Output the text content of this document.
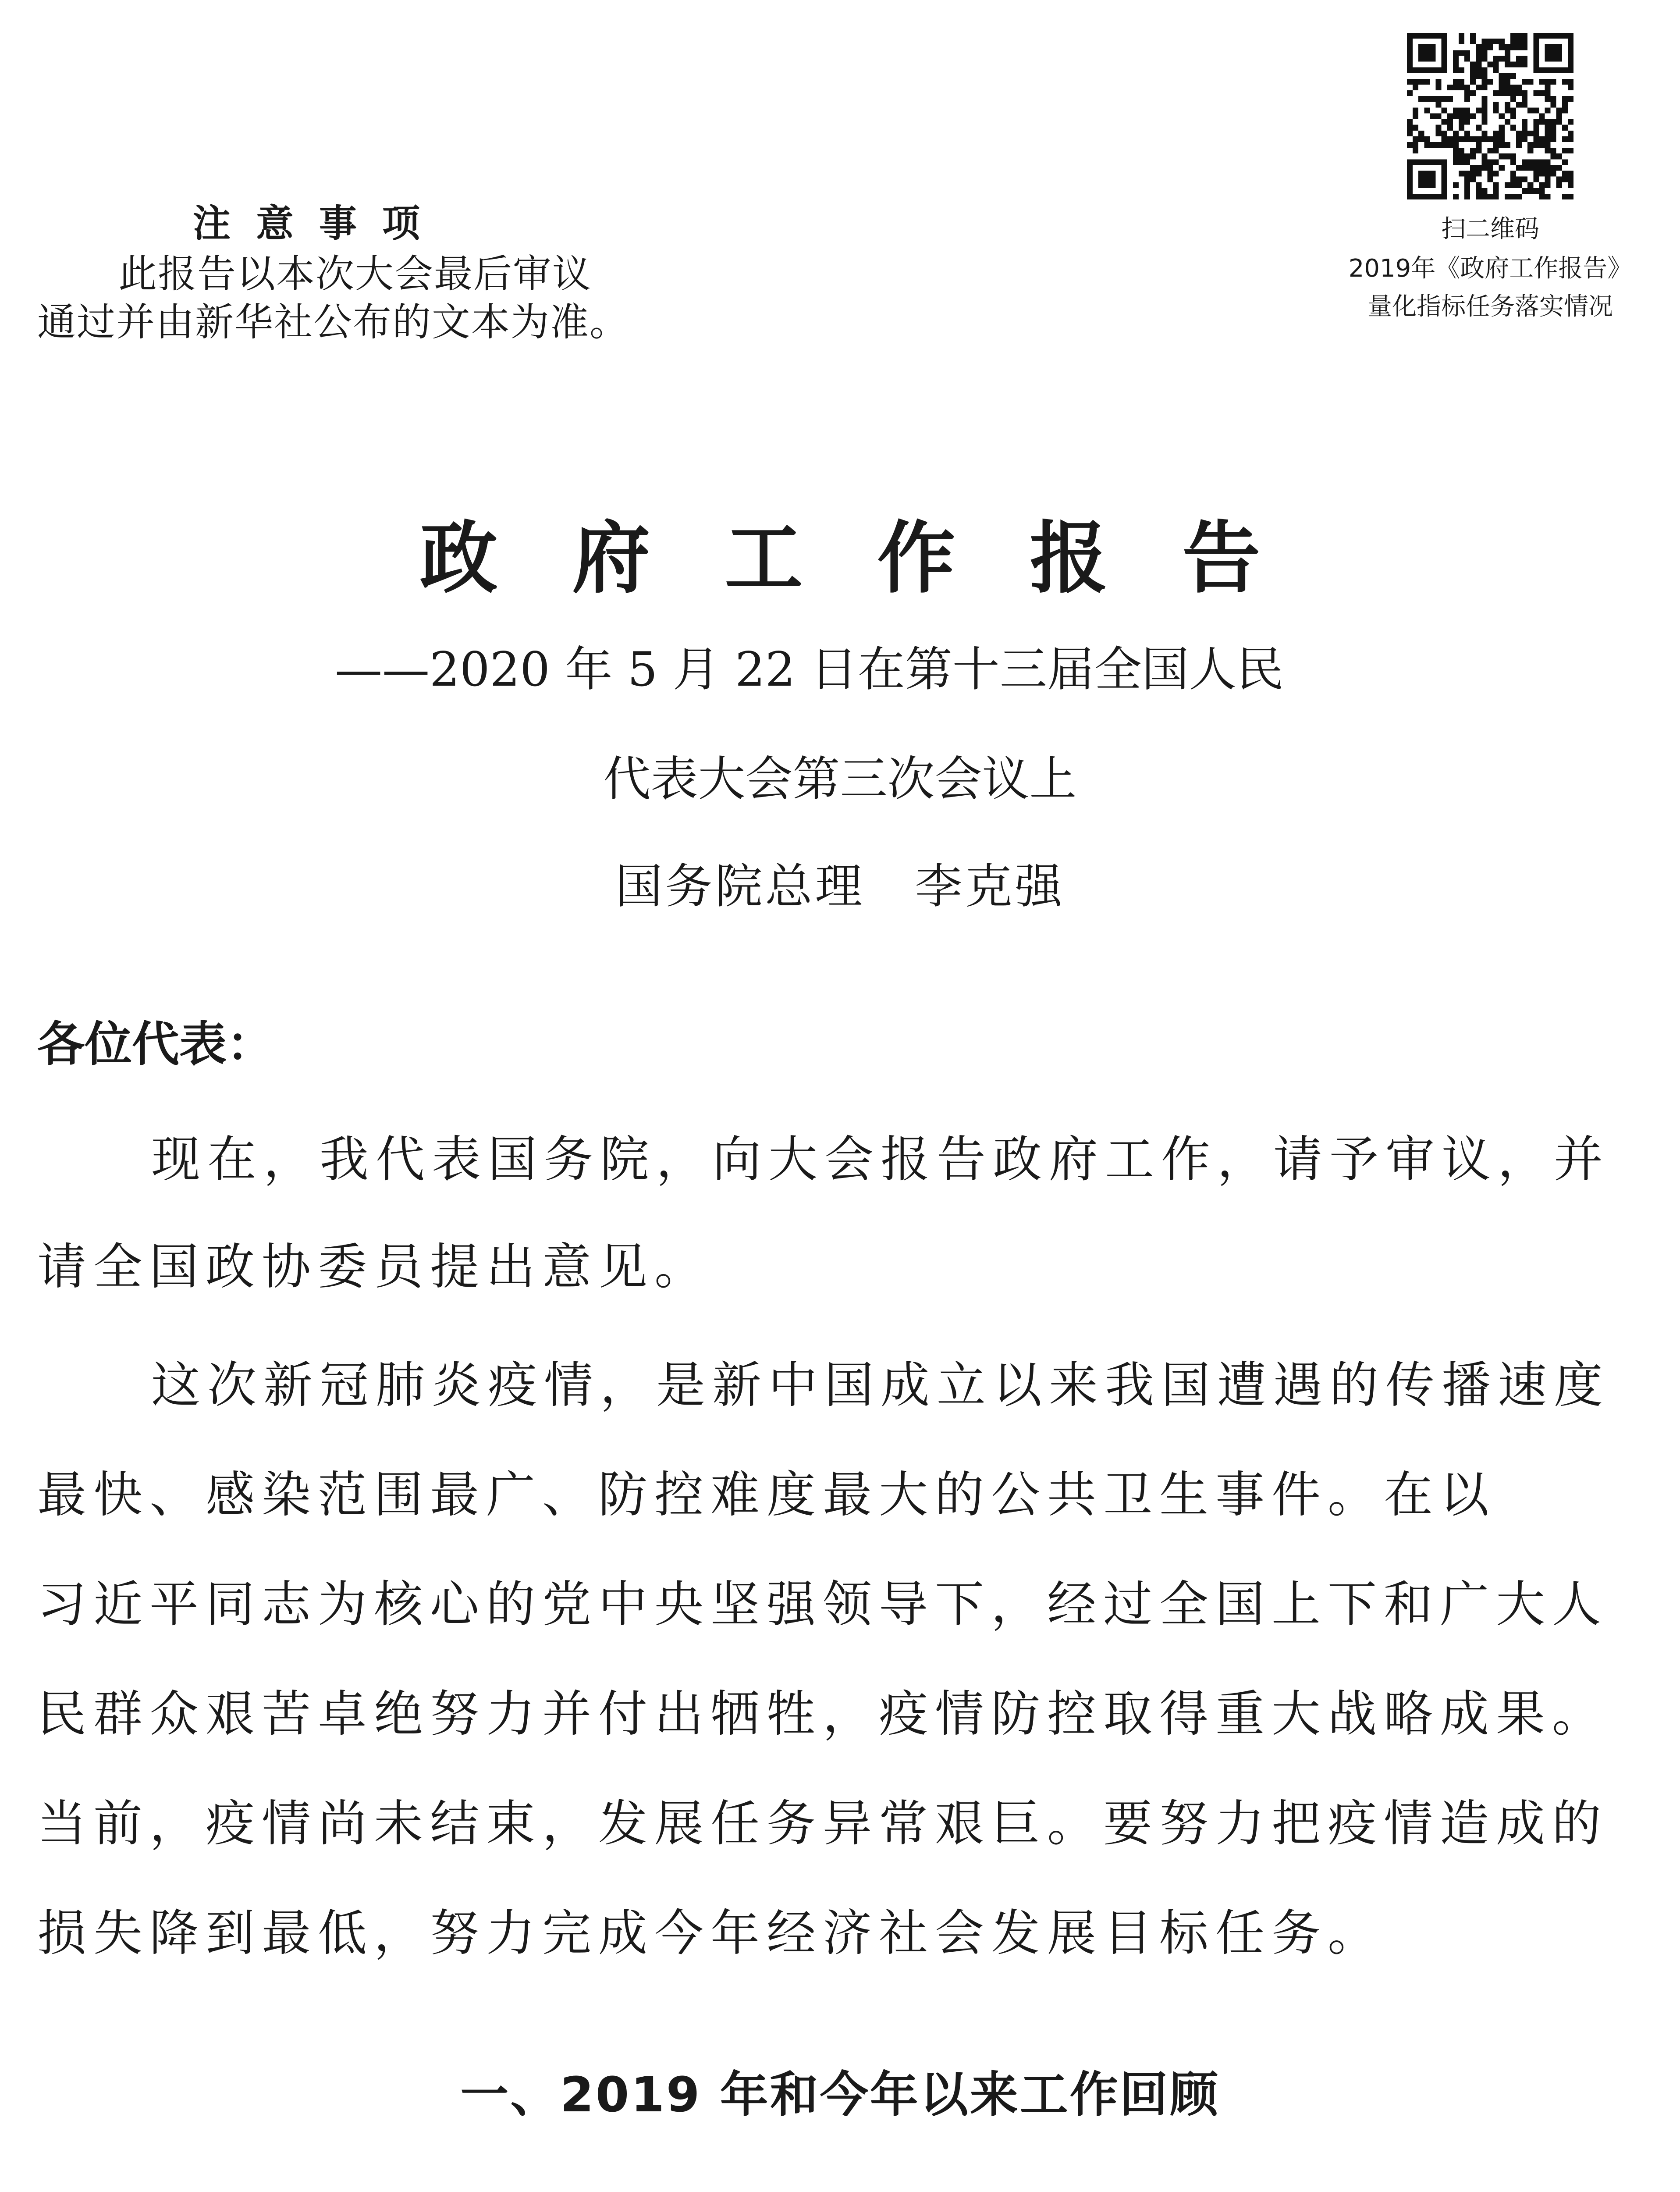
注意事项
此报告以本次大会最后审议
通过并由新华社公布的文本为准。
扫二维码
2019年《政府工作报告》
量化指标任务落实情况
政府工作报告
——2020 年 5 月 22 日在第十三届全国人民
代表大会第三次会议上
国务院总理　李克强
各位代表：
现在，我代表国务院，向大会报告政府工作，请予审议，并
请全国政协委员提出意见。
这次新冠肺炎疫情，是新中国成立以来我国遭遇的传播速度
最快、感染范围最广、防控难度最大的公共卫生事件。在以
习近平同志为核心的党中央坚强领导下，经过全国上下和广大人
民群众艰苦卓绝努力并付出牺牲，疫情防控取得重大战略成果。
当前，疫情尚未结束，发展任务异常艰巨。要努力把疫情造成的
损失降到最低，努力完成今年经济社会发展目标任务。
一、2019 年和今年以来工作回顾
